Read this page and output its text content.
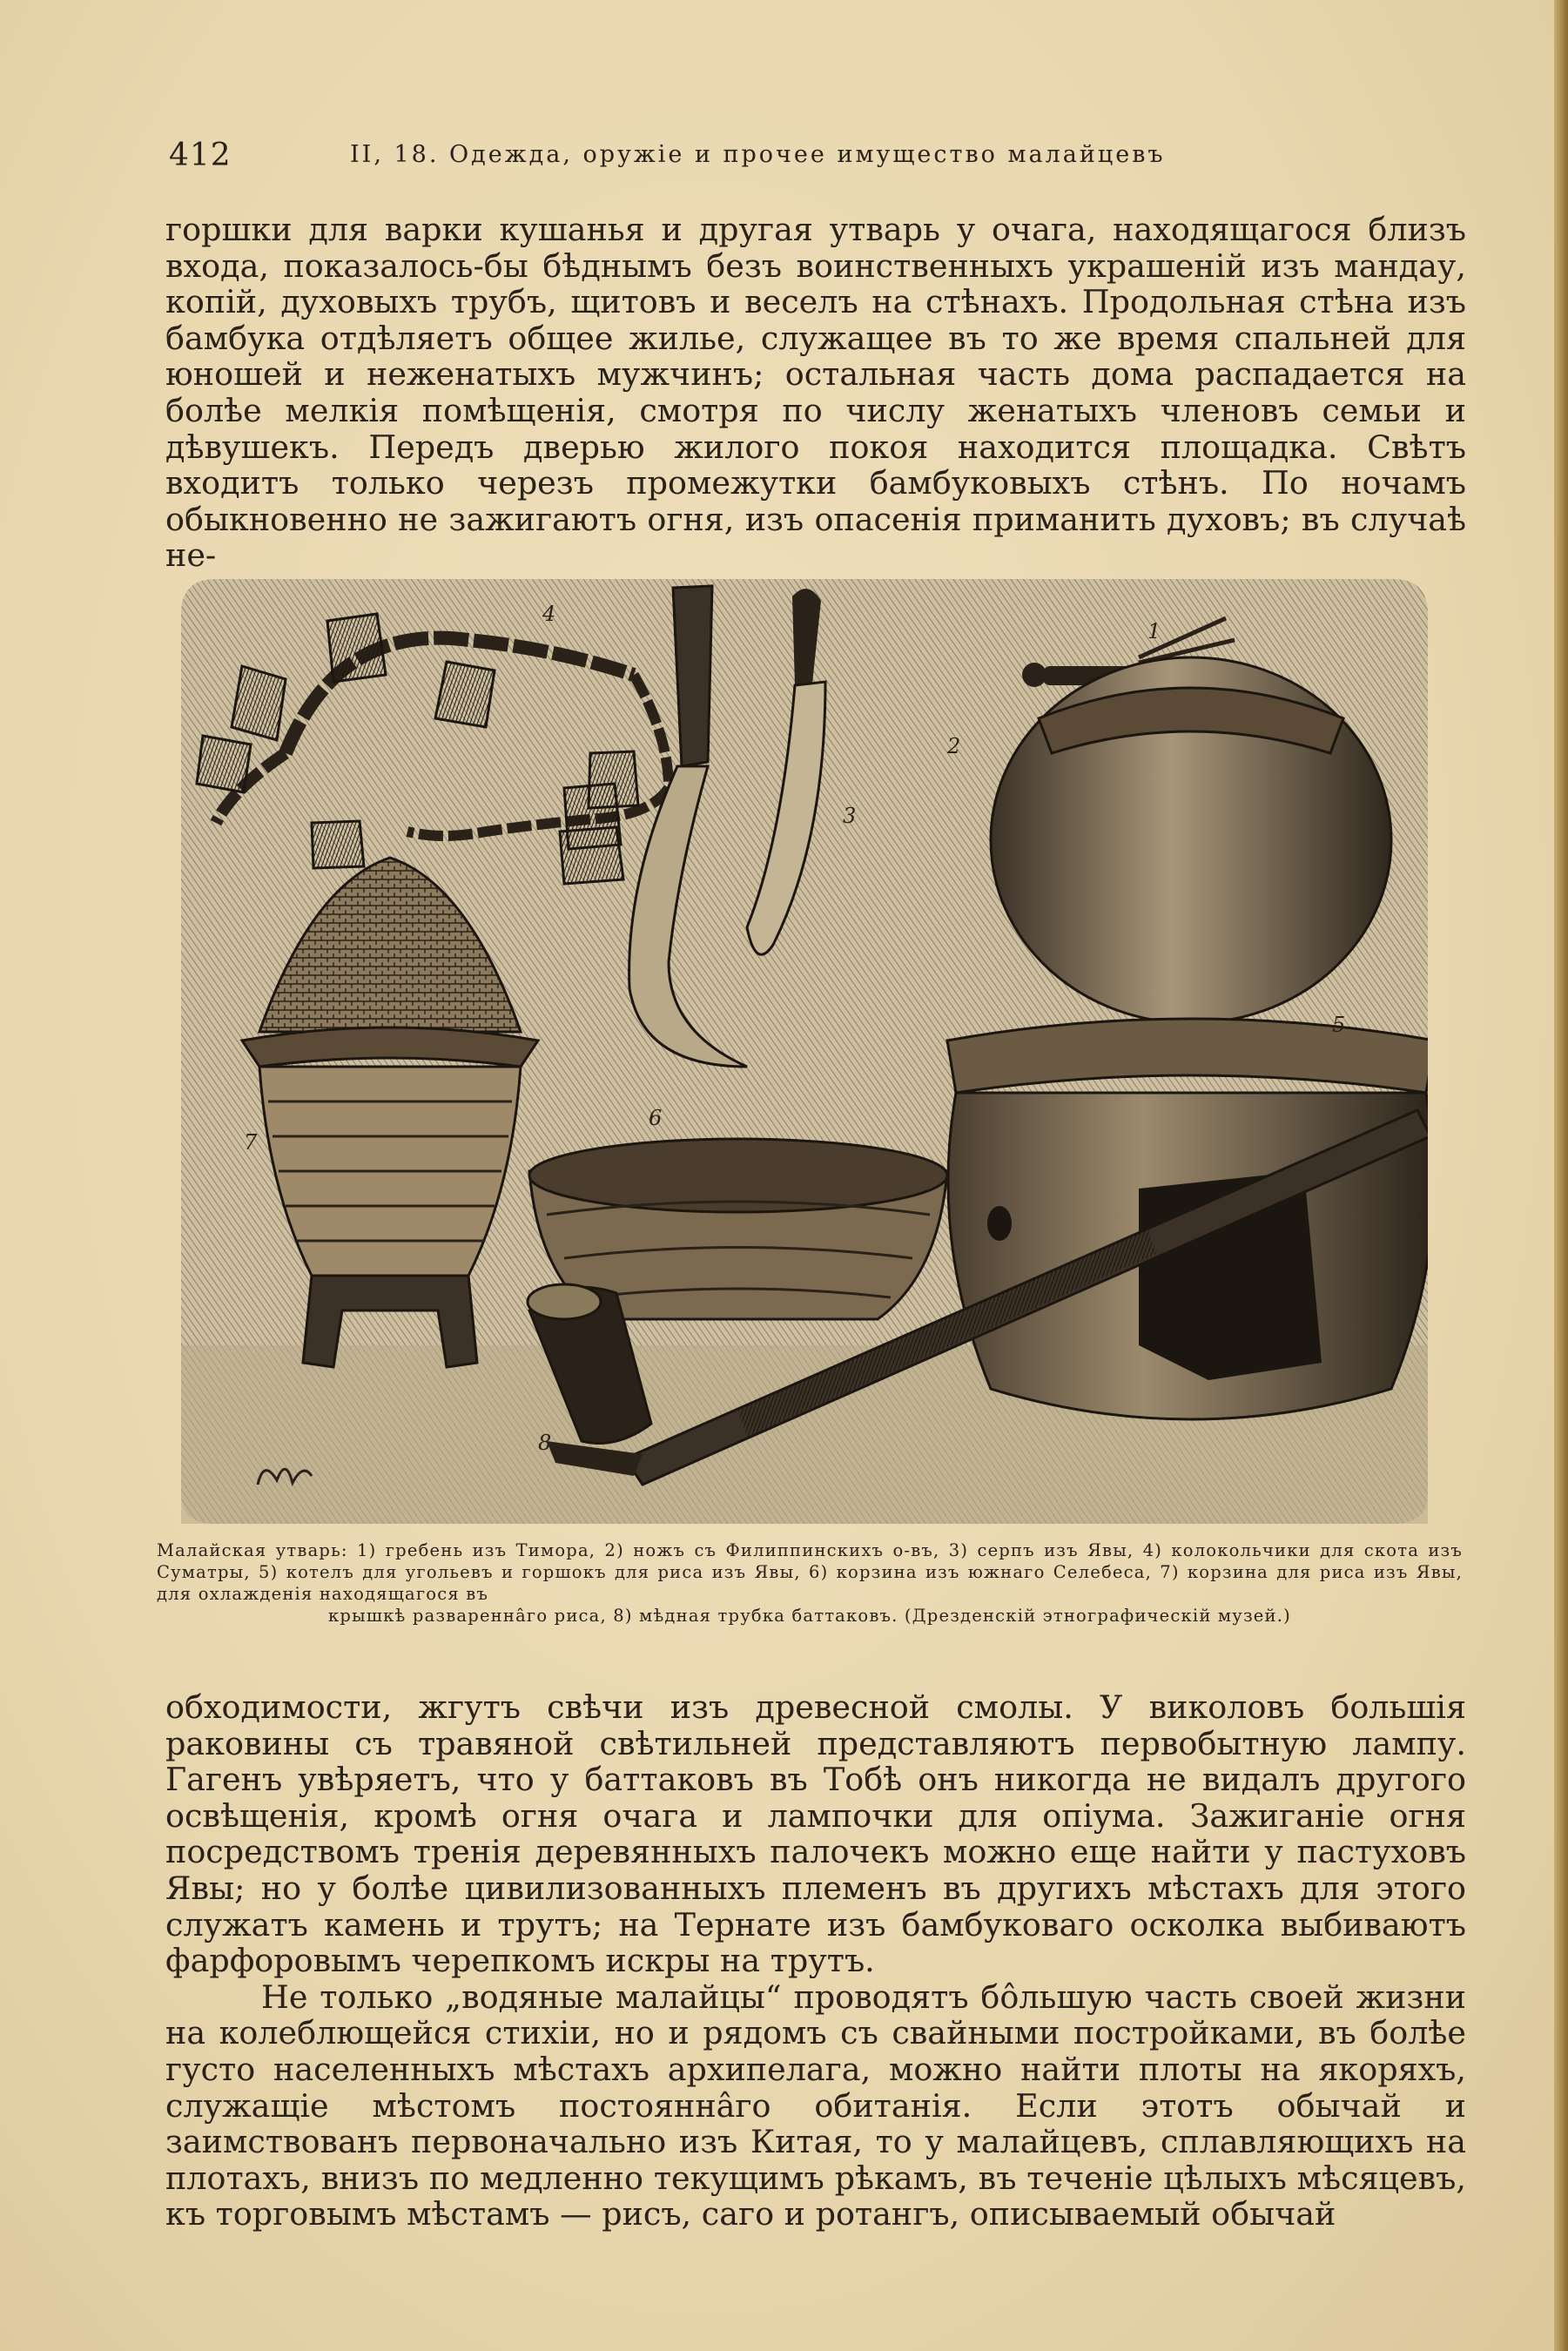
412	II, 18. Одежда, оружіе и прочее имущество малайцевъ

горшки для варки кушанья и другая утварь у очага, находящагося близъ входа, показалось-бы бѣднымъ безъ воинственныхъ украшеній изъ мандау, копій, духовыхъ трубъ, щитовъ и веселъ на стѣнахъ. Продольная стѣна изъ бамбука отдѣляетъ общее жилье, служащее въ то же время спальней для юношей и неженатыхъ мужчинъ; остальная часть дома распадается на болѣе мелкія помѣщенія, смотря по числу женатыхъ членовъ семьи и дѣвушекъ. Передъ дверью жилого покоя находится площадка. Свѣтъ входитъ только черезъ промежутки бамбуковыхъ стѣнъ. По ночамъ обыкновенно не зажигаютъ огня, изъ опасенія приманить духовъ; въ случаѣ не-

1
2
3
4
5
6
7
8
Малайская утварь: 1) гребень изъ Тимора, 2) ножъ съ Филиппинскихъ о-въ, 3) серпъ изъ Явы, 4) колокольчики для скота изъ Суматры, 5) котелъ для угольевъ и горшокъ для риса изъ Явы, 6) корзина изъ южнаго Селебеса, 7) корзина для риса изъ Явы, для охлажденія находящагося въ
крышкѣ разваренна̂го риса, 8) мѣдная трубка баттаковъ. (Дрезденскій этнографическій музей.)

обходимости, жгутъ свѣчи изъ древесной смолы. У виколовъ большія раковины съ травяной свѣтильней представляютъ первобытную лампу. Гагенъ увѣряетъ, что у баттаковъ въ Тобѣ онъ никогда не видалъ другого освѣщенія, кромѣ огня очага и лампочки для опіума. Зажиганіе огня посредствомъ тренія деревянныхъ палочекъ можно еще найти у пастуховъ Явы; но у болѣе цивилизованныхъ племенъ въ другихъ мѣстахъ для этого служатъ камень и трутъ; на Тернате изъ бамбуковаго осколка выбиваютъ фарфоровымъ черепкомъ искры на трутъ.

Не только „водяные малайцы“ проводятъ бо̂льшую часть своей жизни на колеблющейся стихіи, но и рядомъ съ свайными постройками, въ болѣе густо населенныхъ мѣстахъ архипелага, можно найти плоты на якоряхъ, служащіе мѣстомъ постоянна̂го обитанія. Если этотъ обычай и заимствованъ первоначально изъ Китая, то у малайцевъ, сплавляющихъ на плотахъ, внизъ по медленно текущимъ рѣкамъ, въ теченіе цѣлыхъ мѣсяцевъ, къ торговымъ мѣстамъ — рисъ, саго и ротангъ, описываемый обычай
